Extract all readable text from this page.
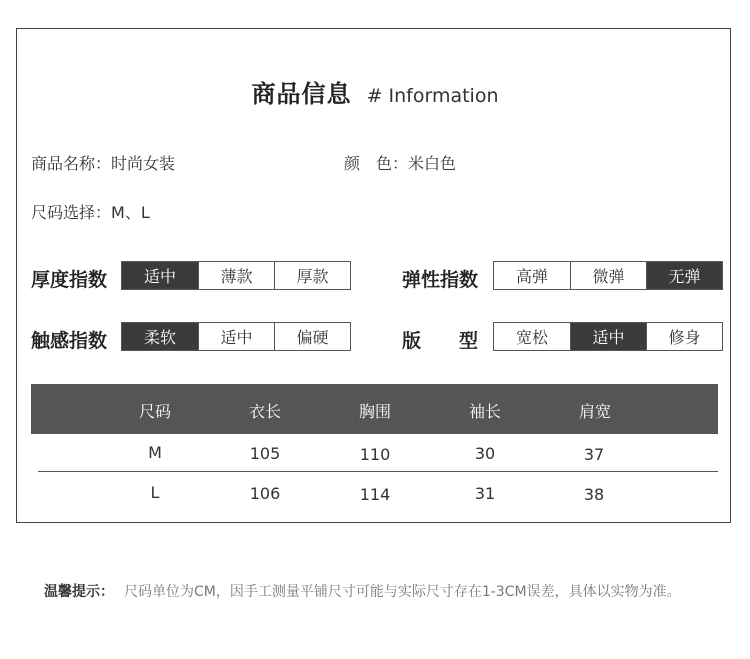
商品信息 # Information
商品名称：时尚女装	颜　色：米白色
尺码选择：M、L
厚度指数	适中	薄款	厚款	弹性指数	高弹	微弹	无弹
触感指数	柔软	适中	偏硬	版　　型	宽松	适中	修身
尺码	衣长	胸围	袖长	肩宽
M	105	110	30	37
L	106	114	31	38
温馨提示： 尺码单位为CM，因手工测量平铺尺寸可能与实际尺寸存在1-3CM误差，具体以实物为准。
